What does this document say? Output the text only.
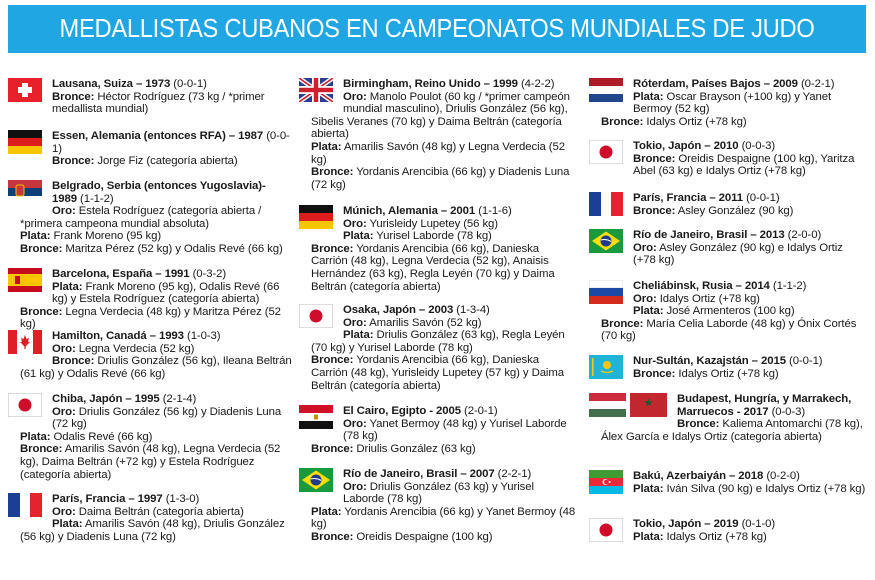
MEDALLISTAS CUBANOS EN CAMPEONATOS MUNDIALES DE JUDO
Lausana, Suiza – 1973 (0-0-1)
Bronce: Héctor Rodríguez (73 kg / *primer medallista mundial)
Essen, Alemania (entonces RFA) – 1987 (0-0-1)
Bronce: Jorge Fiz (categoría abierta)
Belgrado, Serbia (entonces Yugoslavia)- 1989 (1-1-2)
Oro: Estela Rodríguez (categoría abierta / *primera campeona mundial absoluta)
Plata: Frank Moreno (95 kg)
Bronce: Maritza Pérez (52 kg) y Odalis Revé (66 kg)
Barcelona, España – 1991 (0-3-2)
Plata: Frank Moreno (95 kg), Odalis Revé (66 kg) y Estela Rodríguez (categoría abierta)
Bronce: Legna Verdecia (48 kg) y Maritza Pérez (52 kg)
Hamilton, Canadá – 1993 (1-0-3)
Oro: Legna Verdecia (52 kg)
Bronce: Driulis González (56 kg), Ileana Beltrán (61 kg) y Odalis Revé (66 kg)
Chiba, Japón – 1995 (2-1-4)
Oro: Driulis González (56 kg) y Diadenis Luna (72 kg)
Plata: Odalis Revé (66 kg)
Bronce: Amarilis Savón (48 kg), Legna Verdecia (52 kg), Daima Beltrán (+72 kg) y Estela Rodríguez (categoría abierta)
París, Francia – 1997 (1-3-0)
Oro: Daima Beltrán (categoría abierta)
Plata: Amarilis Savón (48 kg), Driulis González (56 kg) y Diadenis Luna (72 kg)
Birmingham, Reino Unido – 1999 (4-2-2)
Oro: Manolo Poulot (60 kg / *primer campeón mundial masculino), Driulis González (56 kg), Sibelis Veranes (70 kg) y Daima Beltrán (categoría abierta)
Plata: Amarilis Savón (48 kg) y Legna Verdecia (52 kg)
Bronce: Yordanis Arencibia (66 kg) y Diadenis Luna (72 kg)
Múnich, Alemania – 2001 (1-1-6)
Oro: Yurisleidy Lupetey (56 kg)
Plata: Yurisel Laborde (78 kg)
Bronce: Yordanis Arencibia (66 kg), Danieska Carrión (48 kg), Legna Verdecia (52 kg), Anaisis Hernández (63 kg), Regla Leyén (70 kg) y Daima Beltrán (categoría abierta)
Osaka, Japón – 2003 (1-3-4)
Oro: Amarilis Savón (52 kg)
Plata: Driulis González (63 kg), Regla Leyén (70 kg) y Yurisel Laborde (78 kg)
Bronce: Yordanis Arencibia (66 kg), Danieska Carrión (48 kg), Yurisleidy Lupetey (57 kg) y Daima Beltrán (categoría abierta)
El Cairo, Egipto - 2005 (2-0-1)
Oro: Yanet Bermoy (48 kg) y Yurisel Laborde (78 kg)
Bronce: Driulis González (63 kg)
Río de Janeiro, Brasil – 2007 (2-2-1)
Oro: Driulis González (63 kg) y Yurisel Laborde (78 kg)
Plata: Yordanis Arencibia (66 kg) y Yanet Bermoy (48 kg)
Bronce: Oreidis Despaigne (100 kg)
Róterdam, Países Bajos – 2009 (0-2-1)
Plata: Oscar Brayson (+100 kg) y Yanet Bermoy (52 kg)
Bronce: Idalys Ortiz (+78 kg)
Tokio, Japón – 2010 (0-0-3)
Bronce: Oreidis Despaigne (100 kg), Yaritza Abel (63 kg) e Idalys Ortiz (+78 kg)
París, Francia – 2011 (0-0-1)
Bronce: Asley González (90 kg)
Río de Janeiro, Brasil – 2013 (2-0-0)
Oro: Asley González (90 kg) e Idalys Ortiz (+78 kg)
Cheliábinsk, Rusia – 2014 (1-1-2)
Oro: Idalys Ortiz (+78 kg)
Plata: José Armenteros (100 kg)
Bronce: María Celia Laborde (48 kg) y Ónix Cortés (70 kg)
Nur-Sultán, Kazajstán – 2015 (0-0-1)
Bronce: Idalys Ortiz (+78 kg)
Budapest, Hungría, y Marrakech, Marruecos - 2017 (0-0-3)
Bronce: Kaliema Antomarchi (78 kg), Álex García e Idalys Ortiz (categoría abierta)
Bakú, Azerbaiyán – 2018 (0-2-0)
Plata: Iván Silva (90 kg) e Idalys Ortiz (+78 kg)
Tokio, Japón – 2019 (0-1-0)
Plata: Idalys Ortiz (+78 kg)
